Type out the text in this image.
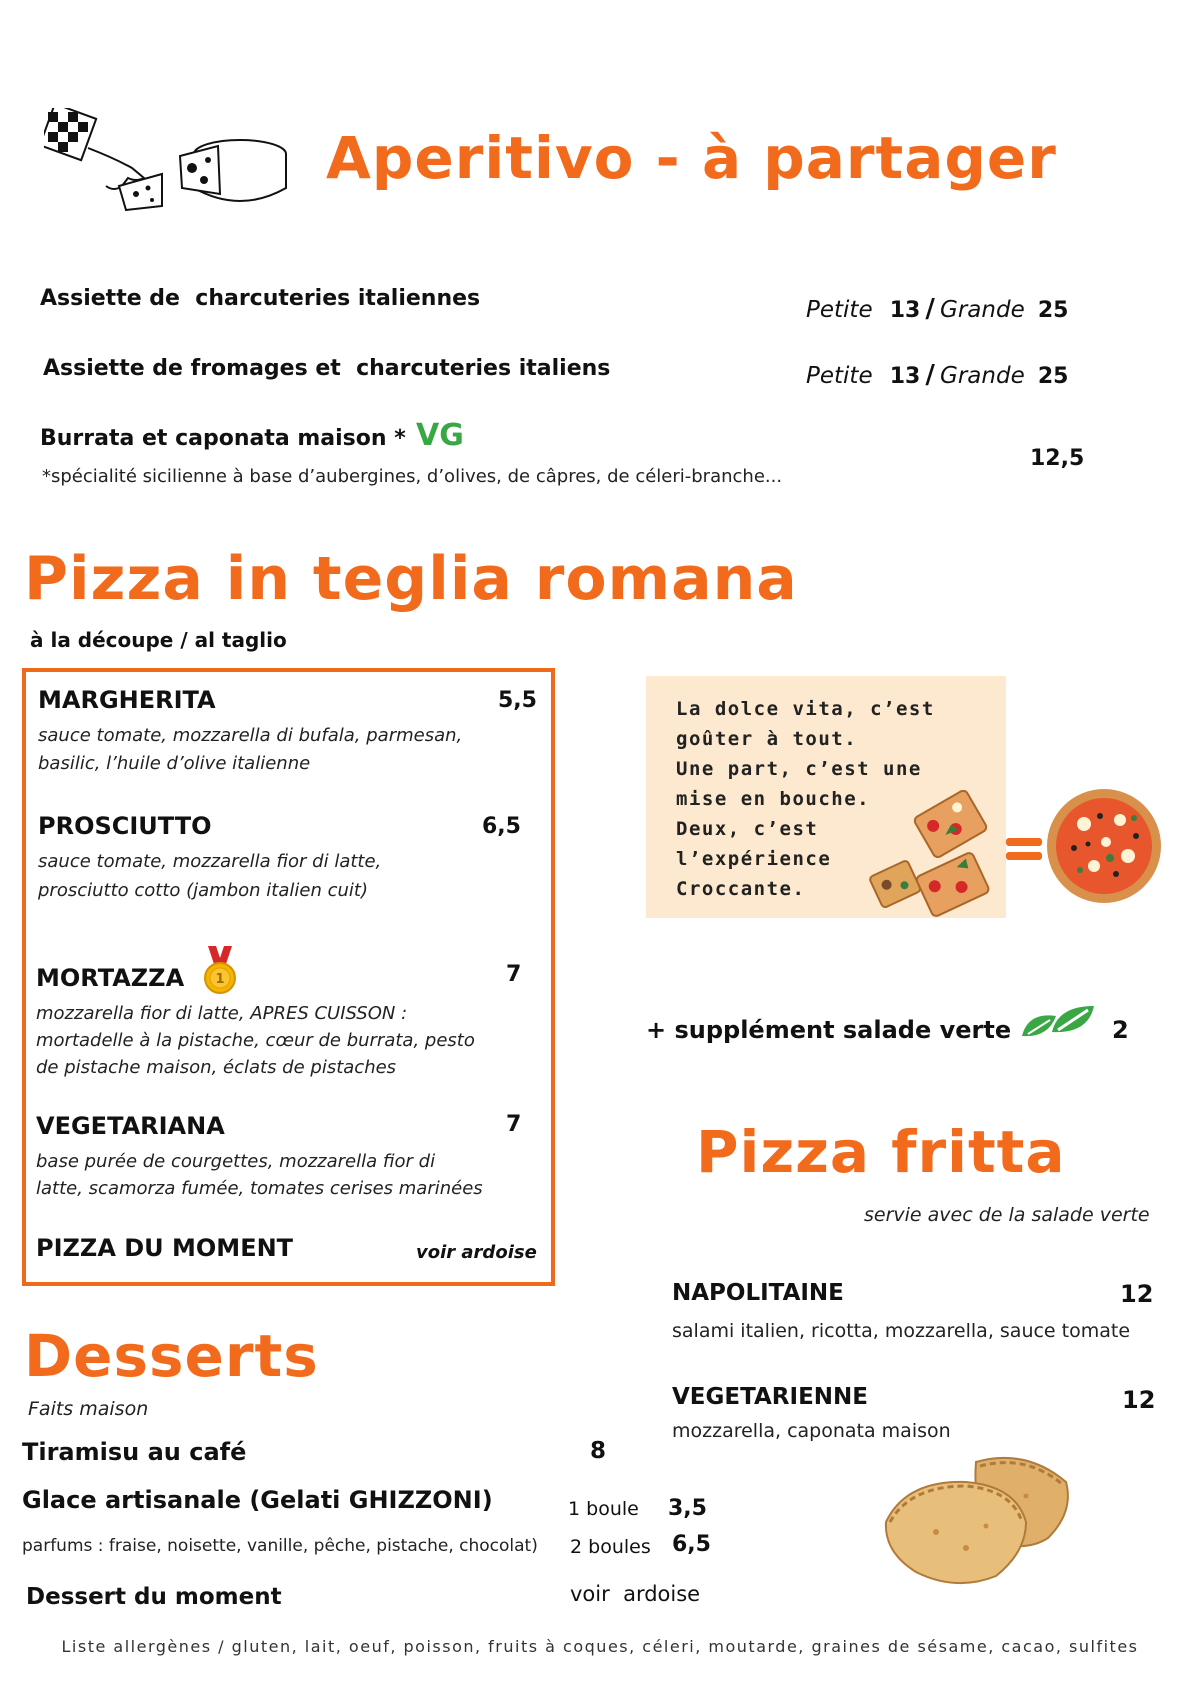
Aperitivo - à partager
Assiette de  charcuteries italiennes	Petite 13 / Grande 25
Assiette de fromages et  charcuteries italiens	Petite 13 / Grande 25
Burrata et caponata maison * VG
*spécialité sicilienne à base d’aubergines, d’olives, de câpres, de céleri-branche...
12,5
Pizza in teglia romana
à la découpe / al taglio
MARGHERITA	5,5
sauce tomate, mozzarella di bufala, parmesan,
basilic, l’huile d’olive italienne
PROSCIUTTO	6,5
sauce tomate, mozzarella fior di latte,
prosciutto cotto (jambon italien cuit)
MORTAZZA 1	7
mozzarella fior di latte, APRES CUISSON :
mortadelle à la pistache, cœur de burrata, pesto
de pistache maison, éclats de pistaches
VEGETARIANA	7
base purée de courgettes, mozzarella fior di
latte, scamorza fumée, tomates cerises marinées
PIZZA DU MOMENT	voir ardoise
La dolce vita, c’est
goûter à tout.
Une part, c’est une
mise en bouche.
Deux, c’est
l’expérience
Croccante.
+ supplément salade verte	2
Pizza fritta
servie avec de la salade verte
NAPOLITAINE	12
salami italien, ricotta, mozzarella, sauce tomate
VEGETARIENNE	12
mozzarella, caponata maison
Desserts
Faits maison
Tiramisu au café	8
Glace artisanale (Gelati GHIZZONI)
parfums : fraise, noisette, vanille, pêche, pistache, chocolat)
1 boule 3,5
2 boules 6,5
Dessert du moment	voir  ardoise
Liste allergènes / gluten, lait, oeuf, poisson, fruits à coques, céleri, moutarde, graines de sésame, cacao, sulfites
